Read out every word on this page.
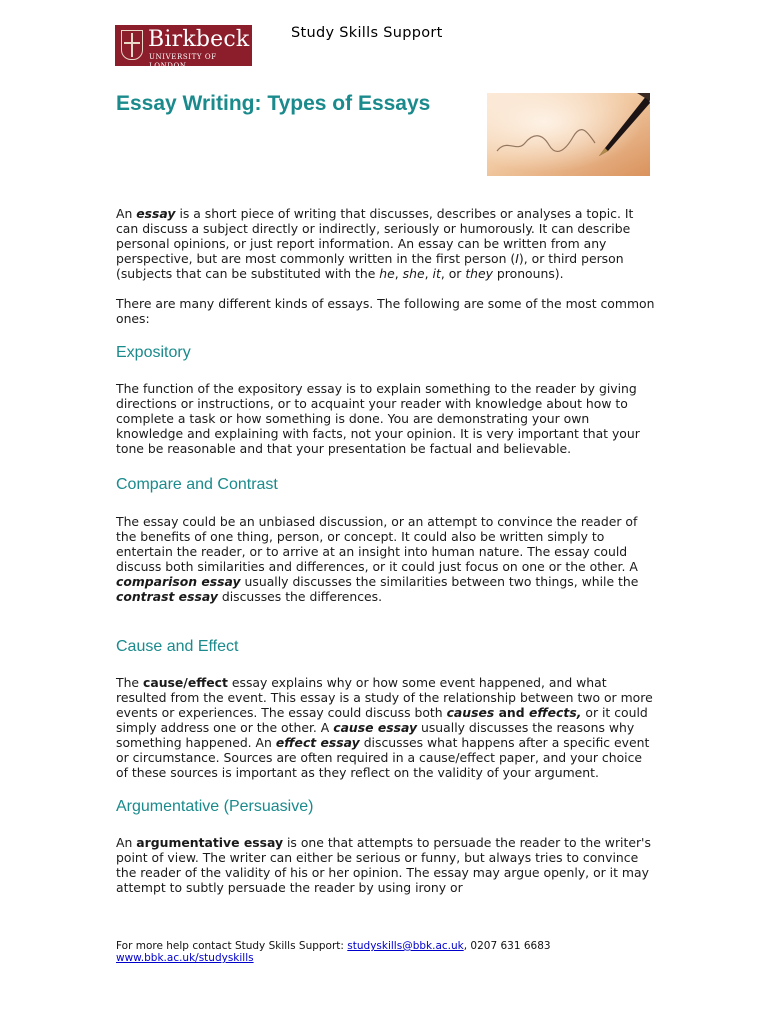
Birkbeck
UNIVERSITY OF LONDON
Study Skills Support
Essay Writing: Types of Essays

An essay is a short piece of writing that discusses, describes or analyses a topic. It can discuss a subject directly or indirectly, seriously or humorously. It can describe personal opinions, or just report information. An essay can be written from any perspective, but are most commonly written in the first person (I), or third person (subjects that can be substituted with the he, she, it, or they pronouns).

There are many different kinds of essays. The following are some of the most common ones:

Expository

The function of the expository essay is to explain something to the reader by giving directions or instructions, or to acquaint your reader with knowledge about how to complete a task or how something is done. You are demonstrating your own knowledge and explaining with facts, not your opinion. It is very important that your tone be reasonable and that your presentation be factual and believable.

Compare and Contrast

The essay could be an unbiased discussion, or an attempt to convince the reader of the benefits of one thing, person, or concept. It could also be written simply to entertain the reader, or to arrive at an insight into human nature. The essay could discuss both similarities and differences, or it could just focus on one or the other. A comparison essay usually discusses the similarities between two things, while the contrast essay discusses the differences.

Cause and Effect

The cause/effect essay explains why or how some event happened, and what resulted from the event. This essay is a study of the relationship between two or more events or experiences. The essay could discuss both causes and effects, or it could simply address one or the other. A cause essay usually discusses the reasons why something happened. An effect essay discusses what happens after a specific event or circumstance. Sources are often required in a cause/effect paper, and your choice of these sources is important as they reflect on the validity of your argument.

Argumentative (Persuasive)

An argumentative essay is one that attempts to persuade the reader to the writer's point of view. The writer can either be serious or funny, but always tries to convince the reader of the validity of his or her opinion. The essay may argue openly, or it may attempt to subtly persuade the reader by using irony or

For more help contact Study Skills Support: studyskills@bbk.ac.uk, 0207 631 6683
www.bbk.ac.uk/studyskills
